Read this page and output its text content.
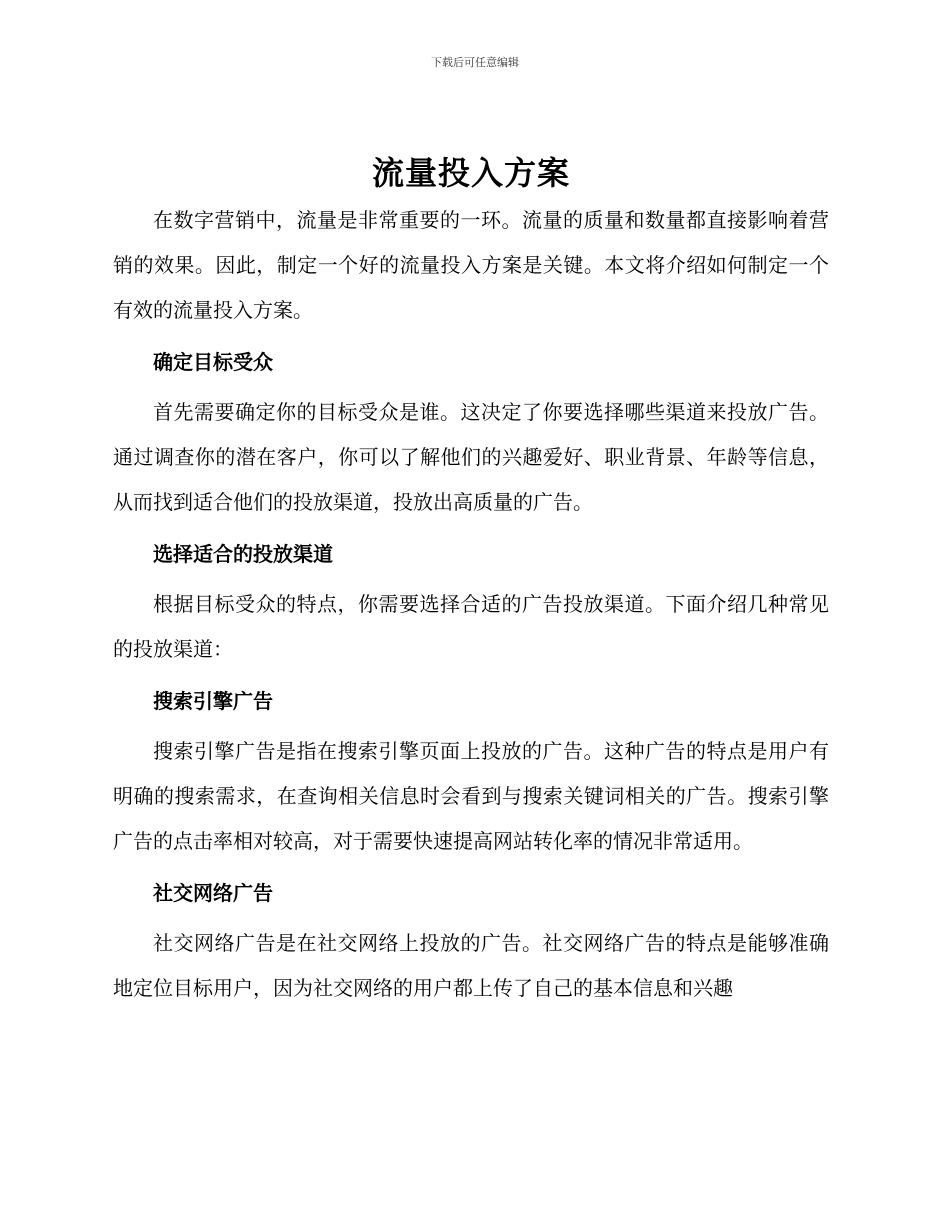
下载后可任意编辑
流量投入方案

在数字营销中，流量是非常重要的一环。流量的质量和数量都直接影响着营销的效果。因此，制定一个好的流量投入方案是关键。本文将介绍如何制定一个有效的流量投入方案。

确定目标受众

首先需要确定你的目标受众是谁。这决定了你要选择哪些渠道来投放广告。通过调查你的潜在客户，你可以了解他们的兴趣爱好、职业背景、年龄等信息，从而找到适合他们的投放渠道，投放出高质量的广告。

选择适合的投放渠道

根据目标受众的特点，你需要选择合适的广告投放渠道。下面介绍几种常见的投放渠道：

搜索引擎广告

搜索引擎广告是指在搜索引擎页面上投放的广告。这种广告的特点是用户有明确的搜索需求，在查询相关信息时会看到与搜索关键词相关的广告。搜索引擎广告的点击率相对较高，对于需要快速提高网站转化率的情况非常适用。

社交网络广告

社交网络广告是在社交网络上投放的广告。社交网络广告的特点是能够准确地定位目标用户，因为社交网络的用户都上传了自己的基本信息和兴趣
